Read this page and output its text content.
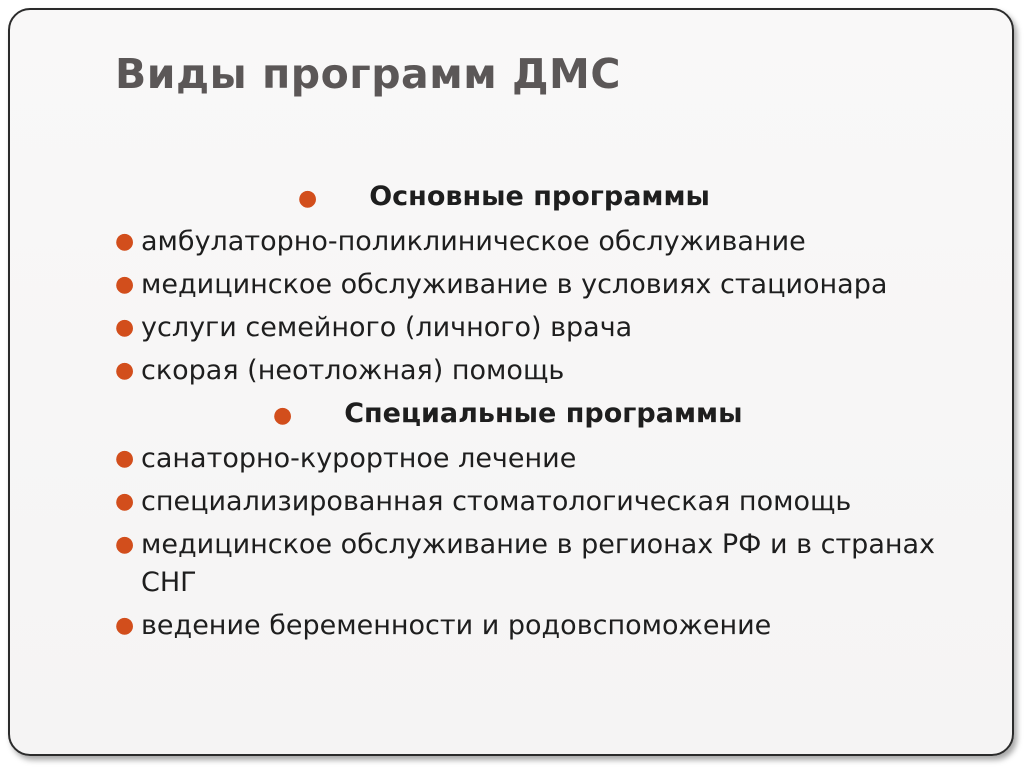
Виды программ ДМС
● Основные программы
● амбулаторно-поликлиническое обслуживание
● медицинское обслуживание в условиях стационара
● услуги семейного (личного) врача
● скорая (неотложная) помощь
● Специальные программы
● санаторно-курортное лечение
● специализированная стоматологическая помощь
● медицинское обслуживание в регионах РФ и в странах СНГ
● ведение беременности и родовспоможение
